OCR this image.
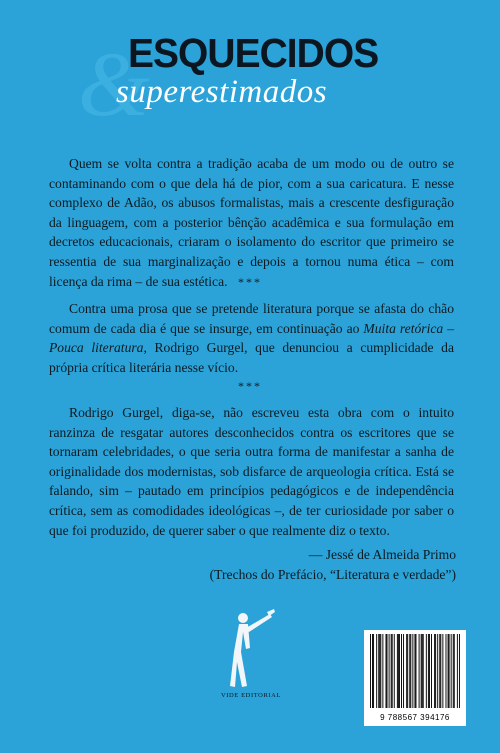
&
ESQUECIDOS
superestimados

Quem se volta contra a tradição acaba de um modo ou de outro se contaminando com o que dela há de pior, com a sua caricatura. E nesse complexo de Adão, os abusos formalistas, mais a crescente desfiguração da linguagem, com a posterior bênção acadêmica e sua formulação em decretos educacionais, criaram o isolamento do escritor que primeiro se ressentia de sua marginalização e depois a tornou numa ética – com licença da rima – de sua estética. ***

Contra uma prosa que se pretende literatura porque se afasta do chão comum de cada dia é que se insurge, em continuação ao Muita retórica – Pouca literatura, Rodrigo Gurgel, que denunciou a cumplicidade da própria crítica literária nesse vício.

***

Rodrigo Gurgel, diga-se, não escreveu esta obra com o intuito ranzinza de resgatar autores desconhecidos contra os escritores que se tornaram celebridades, o que seria outra forma de manifestar a sanha de originalidade dos modernistas, sob disfarce de arqueologia crítica. Está se falando, sim – pautado em princípios pedagógicos e de independência crítica, sem as comodidades ideológicas –, de ter curiosidade por saber o que foi produzido, de querer saber o que realmente diz o texto.

— Jessé de Almeida Primo
(Trechos do Prefácio, “Literatura e verdade”)
VIDE EDITORIAL
9 788567 394176
